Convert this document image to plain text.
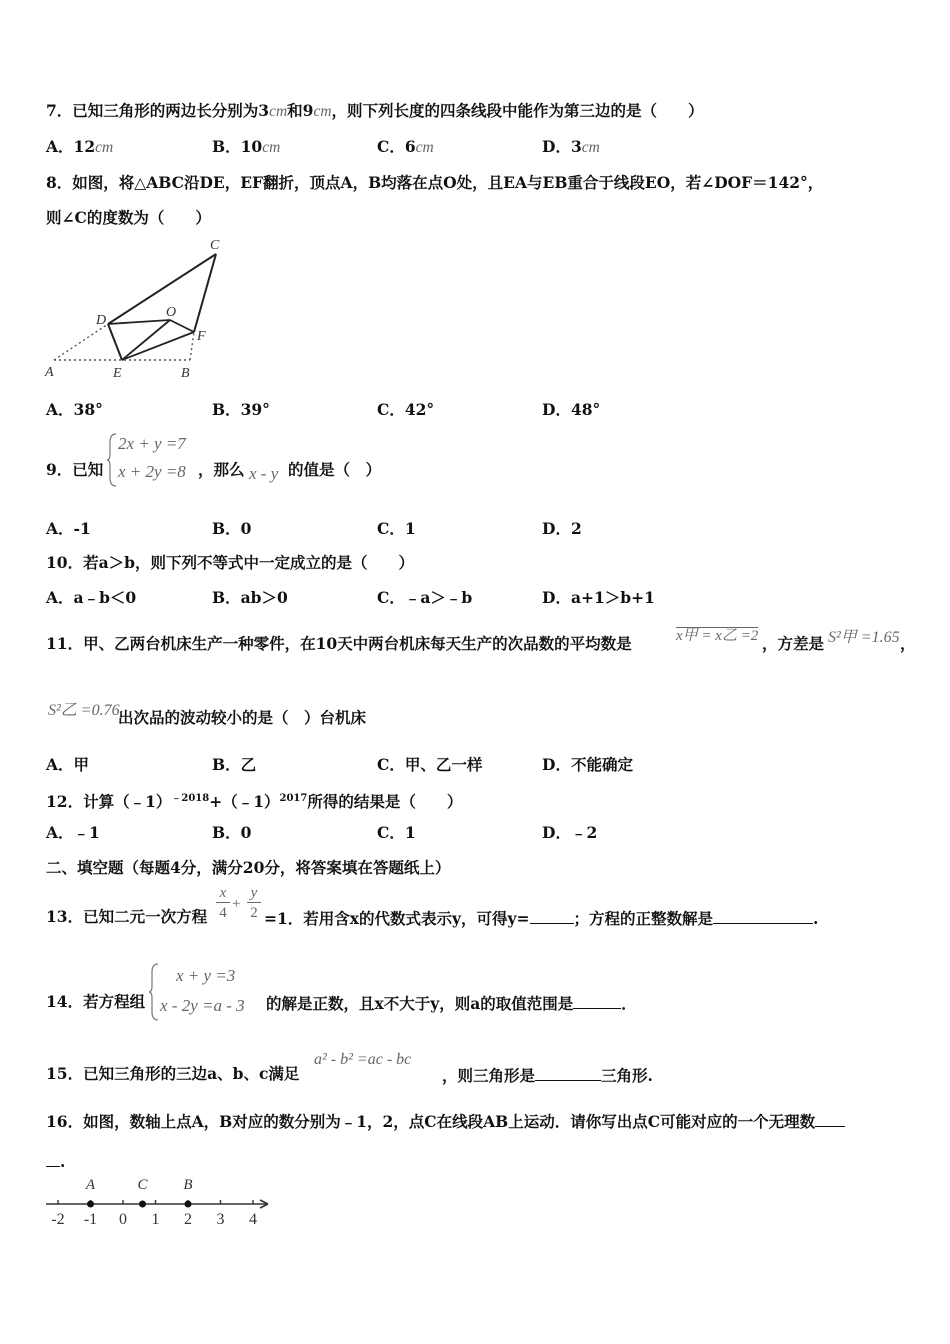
7．已知三角形的两边长分别为3cm和9cm，则下列长度的四条线段中能作为第三边的是（　　）
A．12cm	B．10cm	C．6cm	D．3cm
8．如图，将△ABC沿DE，EF翻折，顶点A，B均落在点O处，且EA与EB重合于线段EO，若∠DOF＝142°，
则∠C的度数为（　　）
C
O
D
F
A	E	B
A．38°	B．39°	C．42°	D．48°
9．已知
2x + y =7
x + 2y =8 ，那么 x - y 的值是（　）
A．-1	B．0	C．1	D．2
10．若a＞b，则下列不等式中一定成立的是（　　）
A．a﹣b＜0	B．ab＞0	C．﹣a＞﹣b	D．a+1＞b+1
11．甲、乙两台机床生产一种零件，在10天中两台机床每天生产的次品数的平均数是	x甲 = x乙 =2 ，方差是 S²甲 =1.65 ，
S²乙 =0.76
出次品的波动较小的是（　）台机床
A．甲	B．乙	C．甲、乙一样	D．不能确定
12．计算（﹣1）$^{﹣2018}$+（﹣1）$^{2017}$所得的结果是（　　）
A．﹣1	B．0	C．1	D．﹣2
二、填空题（每题4分，满分20分，将答案填在答题纸上）
13．已知二元一次方程
x
4
+
y
2 =1．若用含x的代数式表示y，可得y=	；方程的正整数解是	.
14．若方程组
x + y =3
x - 2y =a - 3 的解是正数，且x不大于y，则a的取值范围是	．
15．已知三角形的三边a、b、c满足
a² - b² =ac - bc
，则三角形是	三角形.
16．如图，数轴上点A，B对应的数分别为﹣1，2，点C在线段AB上运动．请你写出点C可能对应的一个无理数
.
-2 -1 0 1 2 3 4
A	C B
